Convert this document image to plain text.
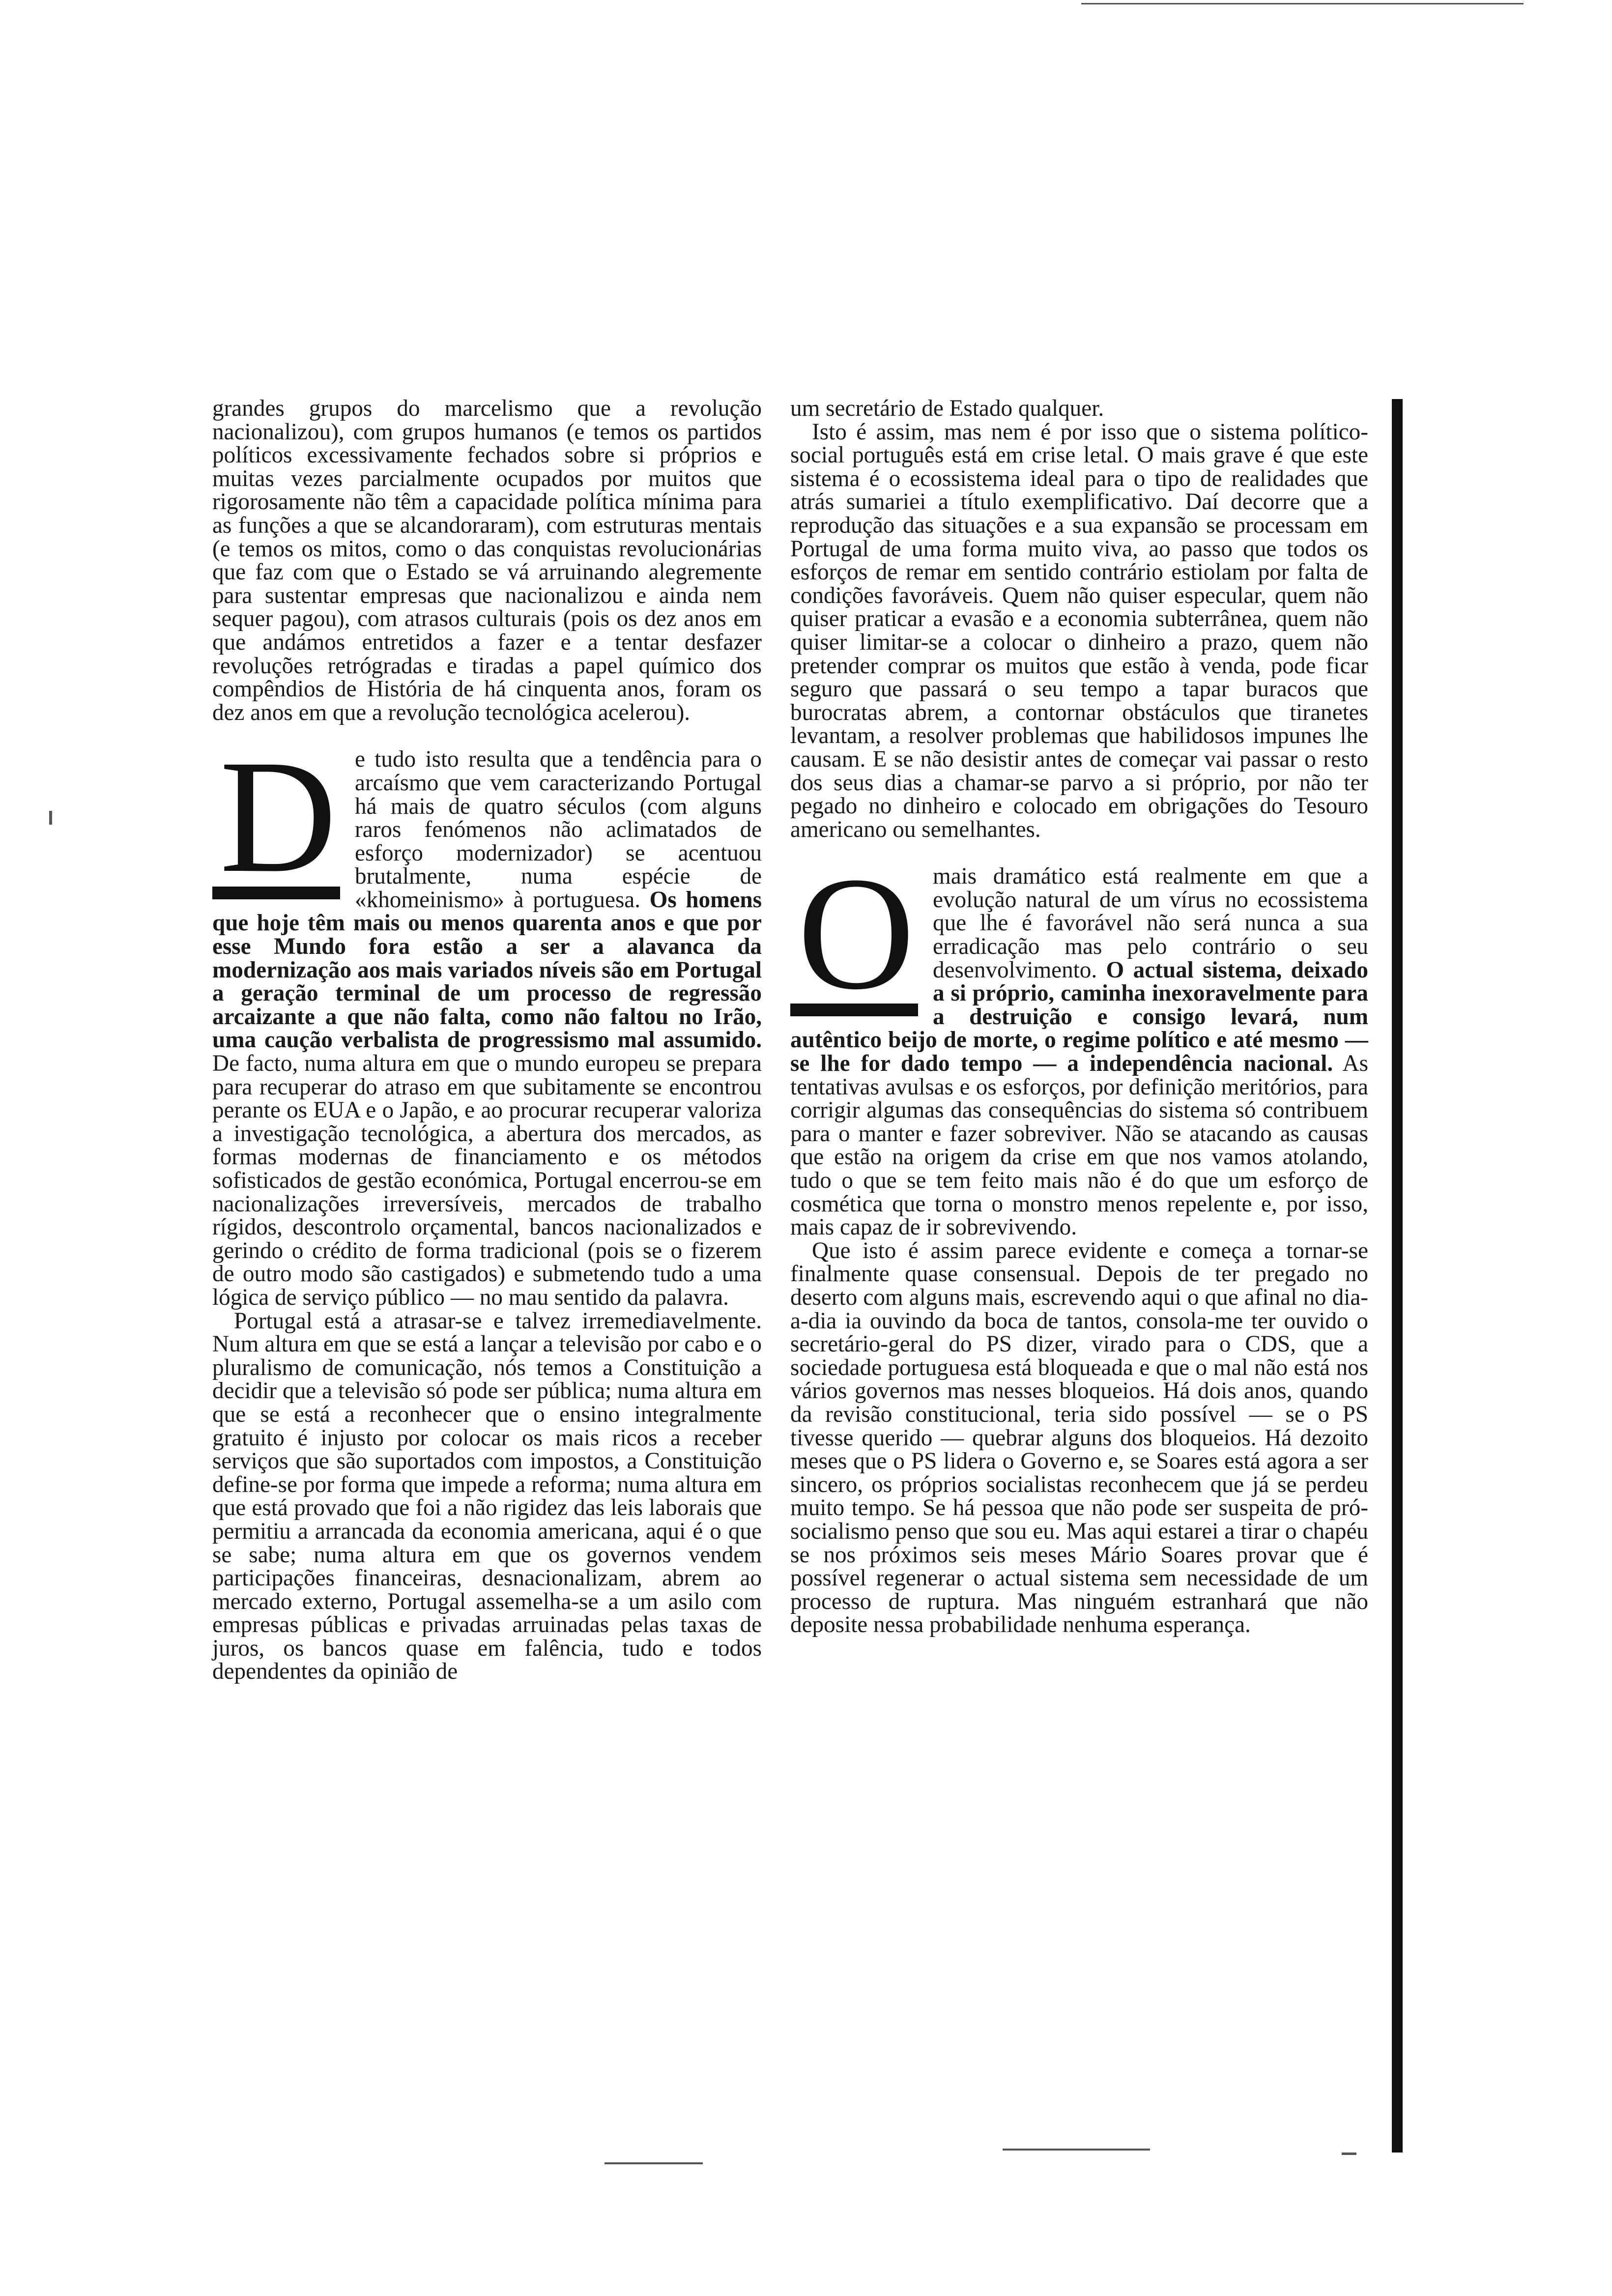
grandes grupos do marcelismo que a revolução nacionalizou), com grupos humanos (e temos os partidos políticos excessivamente fechados sobre si próprios e muitas vezes parcialmente ocupados por muitos que rigorosamente não têm a capacidade política mínima para as funções a que se alcandoraram), com estruturas mentais (e temos os mitos, como o das conquistas revolucionárias que faz com que o Estado se vá arruinando alegremente para sustentar empresas que nacionalizou e ainda nem sequer pagou), com atrasos culturais (pois os dez anos em que andámos entretidos a fazer e a tentar desfazer revoluções retrógradas e tiradas a papel químico dos compêndios de História de há cinquenta anos, foram os dez anos em que a revolução tecnológica acelerou).

D e tudo isto resulta que a tendência para o arcaísmo que vem caracterizando Portugal há mais de quatro séculos (com alguns raros fenómenos não aclimatados de esforço modernizador) se acentuou brutalmente, numa espécie de «khomeinismo» à portuguesa. Os homens que hoje têm mais ou menos quarenta anos e que por esse Mundo fora estão a ser a alavanca da modernização aos mais variados níveis são em Portugal a geração terminal de um processo de regressão arcaizante a que não falta, como não faltou no Irão, uma caução verbalista de progressismo mal assumido. De facto, numa altura em que o mundo europeu se prepara para recuperar do atraso em que subitamente se encontrou perante os EUA e o Japão, e ao procurar recuperar valoriza a investigação tecnológica, a abertura dos mercados, as formas modernas de financiamento e os métodos sofisticados de gestão económica, Portugal encerrou-se em nacionalizações irreversíveis, mercados de trabalho rígidos, descontrolo orçamental, bancos nacionalizados e gerindo o crédito de forma tradicional (pois se o fizerem de outro modo são castigados) e submetendo tudo a uma lógica de serviço público — no mau sentido da palavra.

Portugal está a atrasar-se e talvez irremediavelmente. Num altura em que se está a lançar a televisão por cabo e o pluralismo de comunicação, nós temos a Constituição a decidir que a televisão só pode ser pública; numa altura em que se está a reconhecer que o ensino integralmente gratuito é injusto por colocar os mais ricos a receber serviços que são suportados com impostos, a Constituição define-se por forma que impede a reforma; numa altura em que está provado que foi a não rigidez das leis laborais que permitiu a arrancada da economia americana, aqui é o que se sabe; numa altura em que os governos vendem participações financeiras, desnacionalizam, abrem ao mercado externo, Portugal assemelha-se a um asilo com empresas públicas e privadas arruinadas pelas taxas de juros, os bancos quase em falência, tudo e todos dependentes da opinião de

um secretário de Estado qualquer.

Isto é assim, mas nem é por isso que o sistema político-social português está em crise letal. O mais grave é que este sistema é o ecossistema ideal para o tipo de realidades que atrás sumariei a título exemplificativo. Daí decorre que a reprodução das situações e a sua expansão se processam em Portugal de uma forma muito viva, ao passo que todos os esforços de remar em sentido contrário estiolam por falta de condições favoráveis. Quem não quiser especular, quem não quiser praticar a evasão e a economia subterrânea, quem não quiser limitar-se a colocar o dinheiro a prazo, quem não pretender comprar os muitos que estão à venda, pode ficar seguro que passará o seu tempo a tapar buracos que burocratas abrem, a contornar obstáculos que tiranetes levantam, a resolver problemas que habilidosos impunes lhe causam. E se não desistir antes de começar vai passar o resto dos seus dias a chamar-se parvo a si próprio, por não ter pegado no dinheiro e colocado em obrigações do Tesouro americano ou semelhantes.

O mais dramático está realmente em que a evolução natural de um vírus no ecossistema que lhe é favorável não será nunca a sua erradicação mas pelo contrário o seu desenvolvimento. O actual sistema, deixado a si próprio, caminha inexoravelmente para a destruição e consigo levará, num autêntico beijo de morte, o regime político e até mesmo — se lhe for dado tempo — a independência nacional. As tentativas avulsas e os esforços, por definição meritórios, para corrigir algumas das consequências do sistema só contribuem para o manter e fazer sobreviver. Não se atacando as causas que estão na origem da crise em que nos vamos atolando, tudo o que se tem feito mais não é do que um esforço de cosmética que torna o monstro menos repelente e, por isso, mais capaz de ir sobrevivendo.

Que isto é assim parece evidente e começa a tornar-se finalmente quase consensual. Depois de ter pregado no deserto com alguns mais, escrevendo aqui o que afinal no dia-a-dia ia ouvindo da boca de tantos, consola-me ter ouvido o secretário-geral do PS dizer, virado para o CDS, que a sociedade portuguesa está bloqueada e que o mal não está nos vários governos mas nesses bloqueios. Há dois anos, quando da revisão constitucional, teria sido possível — se o PS tivesse querido — quebrar alguns dos bloqueios. Há dezoito meses que o PS lidera o Governo e, se Soares está agora a ser sincero, os próprios socialistas reconhecem que já se perdeu muito tempo. Se há pessoa que não pode ser suspeita de pró-socialismo penso que sou eu. Mas aqui estarei a tirar o chapéu se nos próximos seis meses Mário Soares provar que é possível regenerar o actual sistema sem necessidade de um processo de ruptura. Mas ninguém estranhará que não deposite nessa probabilidade nenhuma esperança.
